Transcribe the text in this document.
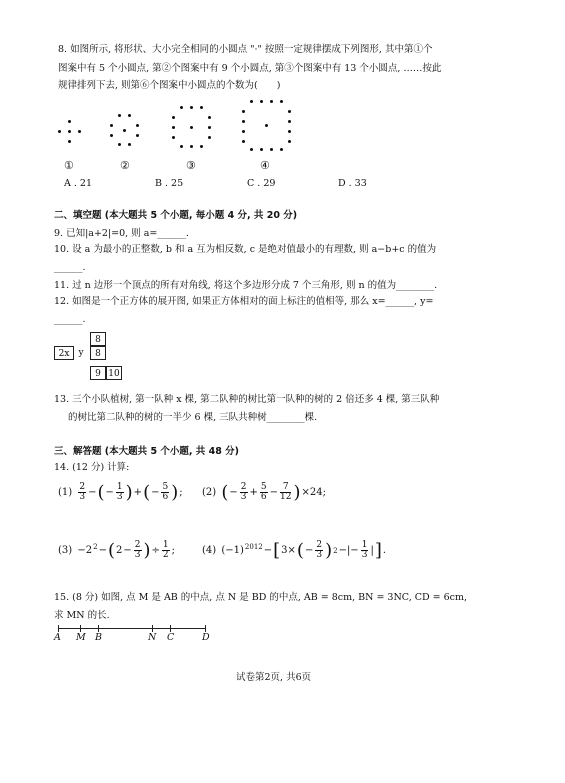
8. 如图所示, 将形状、大小完全相同的小圆点 "·" 按照一定规律摆成下列图形, 其中第①个
图案中有 5 个小圆点, 第②个图案中有 9 个小圆点, 第③个图案中有 13 个小圆点, ……按此
规律排列下去, 则第⑥个图案中小圆点的个数为(　　)
①	②	③	④
A . 21	B . 25	C . 29	D . 33
二、填空题 (本大题共 5 个小题, 每小题 4 分, 共 20 分)
9. 已知|a+2|=0, 则 a=______.
10. 设 a 为最小的正整数, b 和 a 互为相反数, c 是绝对值最小的有理数, 则 a−b+c 的值为
______.
11. 过 n 边形一个顶点的所有对角线, 将这个多边形分成 7 个三角形, 则 n 的值为________.
12. 如图是一个正方体的展开图, 如果正方体相对的面上标注的值相等, 那么 x=______, y=
______.
8
2x	y	8
9 10
13. 三个小队植树, 第一队种 x 棵, 第二队种的树比第一队种的树的 2 倍还多 4 棵, 第三队种
的树比第二队种的树的一半少 6 棵, 三队共种树________棵.
三、解答题 (本大题共 5 个小题, 共 48 分)
14. (12 分) 计算:
(1)
$\frac{2}{3}$ − ( − $\frac{1}{3}$ ) + ( − $\frac{5}{6}$ ) ; (2)
( − $\frac{2}{3} + \frac{5}{6} - \frac{7}{12}$ ) ×24;
(3)
$-2^2$ − ( $2 - \frac{2}{3}$ ) ÷ $\frac{1}{2}$ ;	(4)
$(-1)^{2012}$ − [ 3× ( − $\frac{2}{3}$ ) 2 −|− $\frac{1}{3}$ | ] .
15. (8 分) 如图, 点 M 是 AB 的中点, 点 N 是 BD 的中点, AB = 8cm, BN = 3NC, CD = 6cm,
求 MN 的长.
A M B	N C	D
试卷第2页, 共6页
